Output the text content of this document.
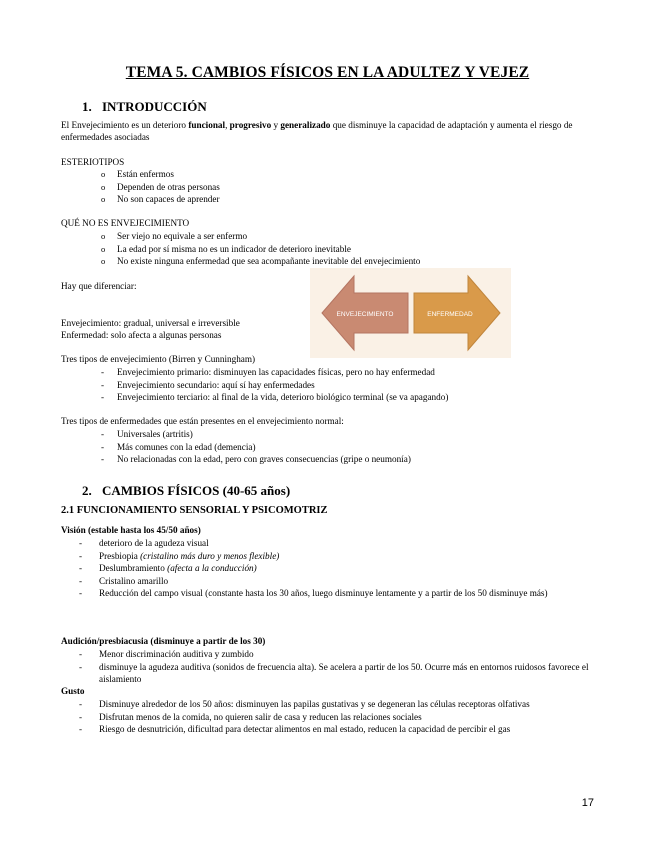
TEMA 5. CAMBIOS FÍSICOS EN LA ADULTEZ Y VEJEZ
1. INTRODUCCIÓN
El Envejecimiento es un deterioro funcional, progresivo y generalizado que disminuye la capacidad de adaptación y aumenta el riesgo de enfermedades asociadas
ESTERIOTIPOS
o Están enfermos
o Dependen de otras personas
o No son capaces de aprender
QUÉ NO ES ENVEJECIMIENTO
o Ser viejo no equivale a ser enfermo
o La edad por sí misma no es un indicador de deterioro inevitable
o No existe ninguna enfermedad que sea acompañante inevitable del envejecimiento
Hay que diferenciar:
ENVEJECIMIENTO	ENFERMEDAD
Envejecimiento: gradual, universal e irreversible
Enfermedad: solo afecta a algunas personas
Tres tipos de envejecimiento (Birren y Cunningham)
- Envejecimiento primario: disminuyen las capacidades físicas, pero no hay enfermedad
- Envejecimiento secundario: aquí sí hay enfermedades
- Envejecimiento terciario: al final de la vida, deterioro biológico terminal (se va apagando)
Tres tipos de enfermedades que están presentes en el envejecimiento normal:
- Universales (artritis)
- Más comunes con la edad (demencia)
- No relacionadas con la edad, pero con graves consecuencias (gripe o neumonía)
2. CAMBIOS FÍSICOS (40-65 años)
2.1 FUNCIONAMIENTO SENSORIAL Y PSICOMOTRIZ
Visión (estable hasta los 45/50 años)
- deterioro de la agudeza visual
- Presbiopia (cristalino más duro y menos flexible)
- Deslumbramiento (afecta a la conducción)
- Cristalino amarillo
- Reducción del campo visual (constante hasta los 30 años, luego disminuye lentamente y a partir de los 50 disminuye más)
Audición/presbiacusia (disminuye a partir de los 30)
- Menor discriminación auditiva y zumbido
- disminuye la agudeza auditiva (sonidos de frecuencia alta). Se acelera a partir de los 50. Ocurre más en entornos ruidosos favorece el aislamiento
Gusto
- Disminuye alrededor de los 50 años: disminuyen las papilas gustativas y se degeneran las células receptoras olfativas
- Disfrutan menos de la comida, no quieren salir de casa y reducen las relaciones sociales
- Riesgo de desnutrición, dificultad para detectar alimentos en mal estado, reducen la capacidad de percibir el gas
17
